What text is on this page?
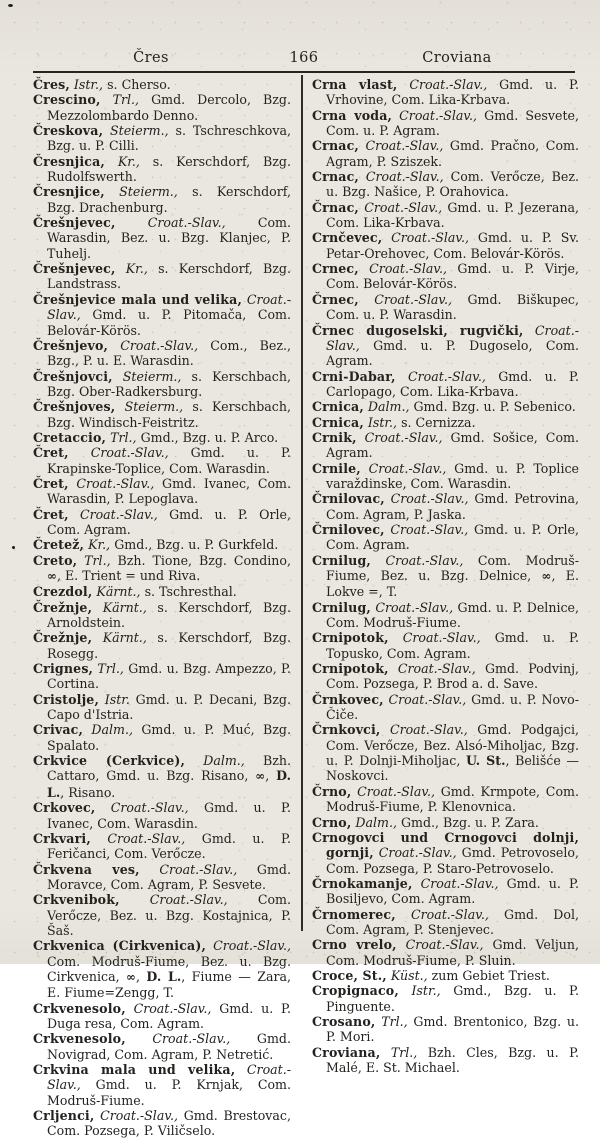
Čres	166	Croviana
Čres, Istr., s. Cherso.
Crescino, Trl., Gmd. Dercolo, Bzg. Mezzolombardo Denno.
Čreskova, Steierm., s. Tschreschkova, Bzg. u. P. Cilli.
Čresnjica, Kr., s. Kerschdorf, Bzg. Rudolfswerth.
Čresnjice, Steierm., s. Kerschdorf, Bzg. Drachenburg.
Črešnjevec,	Croat.-Slav.,	Com. Warasdin, Bez. u. Bzg. Klanjec, P. Tuhelj.
Črešnjevec, Kr., s. Kerschdorf, Bzg. Landstrass.
Črešnjevice mala und velika, Croat.-Slav., Gmd. u. P. Pitomača, Com. Belovár-Körös.
Črešnjevo, Croat.-Slav., Com., Bez., Bzg., P. u. E. Warasdin.
Črešnjovci, Steierm., s. Kerschbach, Bzg. Ober-Radkersburg.
Črešnjoves, Steierm., s. Kerschbach, Bzg. Windisch-Feistritz.
Cretaccio, Trl., Gmd., Bzg. u. P. Arco.
Čret, Croat.-Slav., Gmd. u. P. Krapinske-Toplice, Com. Warasdin.
Čret, Croat.-Slav., Gmd. Ivanec, Com. Warasdin, P. Lepoglava.
Čret, Croat.-Slav., Gmd. u. P. Orle, Com. Agram.
Čretež, Kr., Gmd., Bzg. u. P. Gurkfeld.
Creto, Trl., Bzh. Tione, Bzg. Condino, ∞, E. Trient = und Riva.
Crezdol, Kärnt., s. Tschresthal.
Črežnje, Kärnt., s. Kerschdorf, Bzg. Arnoldstein.
Črežnje, Kärnt., s. Kerschdorf, Bzg. Rosegg.
Crignes, Trl., Gmd. u. Bzg. Ampezzo, P. Cortina.
Cristolje, Istr. Gmd. u. P. Decani, Bzg. Capo d'Istria.
Crivac, Dalm., Gmd. u. P. Muć, Bzg. Spalato.
Crkvice (Cerkvice), Dalm., Bzh. Cattaro, Gmd. u. Bzg. Risano, ∞, D. L., Risano.
Crkovec, Croat.-Slav., Gmd. u. P. Ivanec, Com. Warasdin.
Crkvari, Croat.-Slav., Gmd. u. P. Feričanci, Com. Verőcze.
Črkvena ves, Croat.-Slav., Gmd. Moravce, Com. Agram, P. Sesvete.
Crkvenibok, Croat.-Slav., Com. Verőcze, Bez. u. Bzg. Kostajnica, P. Šaš.
Crkvenica (Cirkvenica), Croat.-Slav., Com. Modruš-Fiume, Bez. u. Bzg. Cirkvenica, ∞, D. L., Fiume — Zara, E. Fiume=Zengg, T.
Crkvenesolo, Croat.-Slav., Gmd. u. P. Duga resa, Com. Agram.
Crkvenesolo, Croat.-Slav., Gmd. Novigrad, Com. Agram, P. Netretić.
Crkvina mala und velika, Croat.-Slav., Gmd. u. P. Krnjak, Com. Modruš-Fiume.
Crljenci, Croat.-Slav., Gmd. Brestovac, Com. Pozsega, P. Viličselo.
Crna vlast, Croat.-Slav., Gmd. u. P. Vrhovine, Com. Lika-Krbava.
Crna voda, Croat.-Slav., Gmd. Sesvete, Com. u. P. Agram.
Crnac, Croat.-Slav., Gmd. Pračno, Com. Agram, P. Sziszek.
Crnac, Croat.-Slav., Com. Verőcze, Bez. u. Bzg. Našice, P. Orahovica.
Črnac, Croat.-Slav., Gmd. u. P. Jezerana, Com. Lika-Krbava.
Crnčevec, Croat.-Slav., Gmd. u. P. Sv. Petar-Orehovec, Com. Belovár-Körös.
Crnec, Croat.-Slav., Gmd. u. P. Virje, Com. Belovár-Körös.
Črnec, Croat.-Slav., Gmd. Biškupec, Com. u. P. Warasdin.
Črnec dugoselski, rugvički, Croat.-Slav., Gmd. u. P. Dugoselo, Com. Agram.
Crni-Dabar, Croat.-Slav., Gmd. u. P. Carlopago, Com. Lika-Krbava.
Crnica, Dalm., Gmd. Bzg. u. P. Sebenico.
Crnica, Istr., s. Cernizza.
Crnik, Croat.-Slav., Gmd. Sošice, Com. Agram.
Crnile, Croat.-Slav., Gmd. u. P. Toplice varaždinske, Com. Warasdin.
Črnilovac, Croat.-Slav., Gmd. Petrovina, Com. Agram, P. Jaska.
Črnilovec, Croat.-Slav., Gmd. u. P. Orle, Com. Agram.
Crnilug, Croat.-Slav., Com. Modruš-Fiume, Bez. u. Bzg. Delnice, ∞, E. Lokve =, T.
Crnilug, Croat.-Slav., Gmd. u. P. Delnice, Com. Modruš-Fiume.
Crnipotok, Croat.-Slav., Gmd. u. P. Topusko, Com. Agram.
Crnipotok, Croat.-Slav., Gmd. Podvinj, Com. Pozsega, P. Brod a. d. Save.
Črnkovec, Croat.-Slav., Gmd. u. P. Novo-Čiče.
Črnkovci, Croat.-Slav., Gmd. Podgajci, Com. Verőcze, Bez. Alsó-Miholjac, Bzg. u. P. Dolnji-Miholjac, U. St., Belišće — Noskovci.
Črno, Croat.-Slav., Gmd. Krmpote, Com. Modruš-Fiume, P. Klenovnica.
Crno, Dalm., Gmd., Bzg. u. P. Zara.
Crnogovci und Crnogovci dolnji, gornji, Croat.-Slav., Gmd. Petrovoselo, Com. Pozsega, P. Staro-Petrovoselo.
Črnokamanje, Croat.-Slav., Gmd. u. P. Bosiljevo, Com. Agram.
Črnomerec, Croat.-Slav., Gmd. Dol, Com. Agram, P. Stenjevec.
Crno vrelo, Croat.-Slav., Gmd. Veljun, Com. Modruš-Fiume, P. Sluin.
Croce, St., Küst., zum Gebiet Triest.
Cropignaco, Istr., Gmd., Bzg. u. P. Pinguente.
Crosano, Trl., Gmd. Brentonico, Bzg. u. P. Mori.
Croviana, Trl., Bzh. Cles, Bzg. u. P. Malé, E. St. Michael.
